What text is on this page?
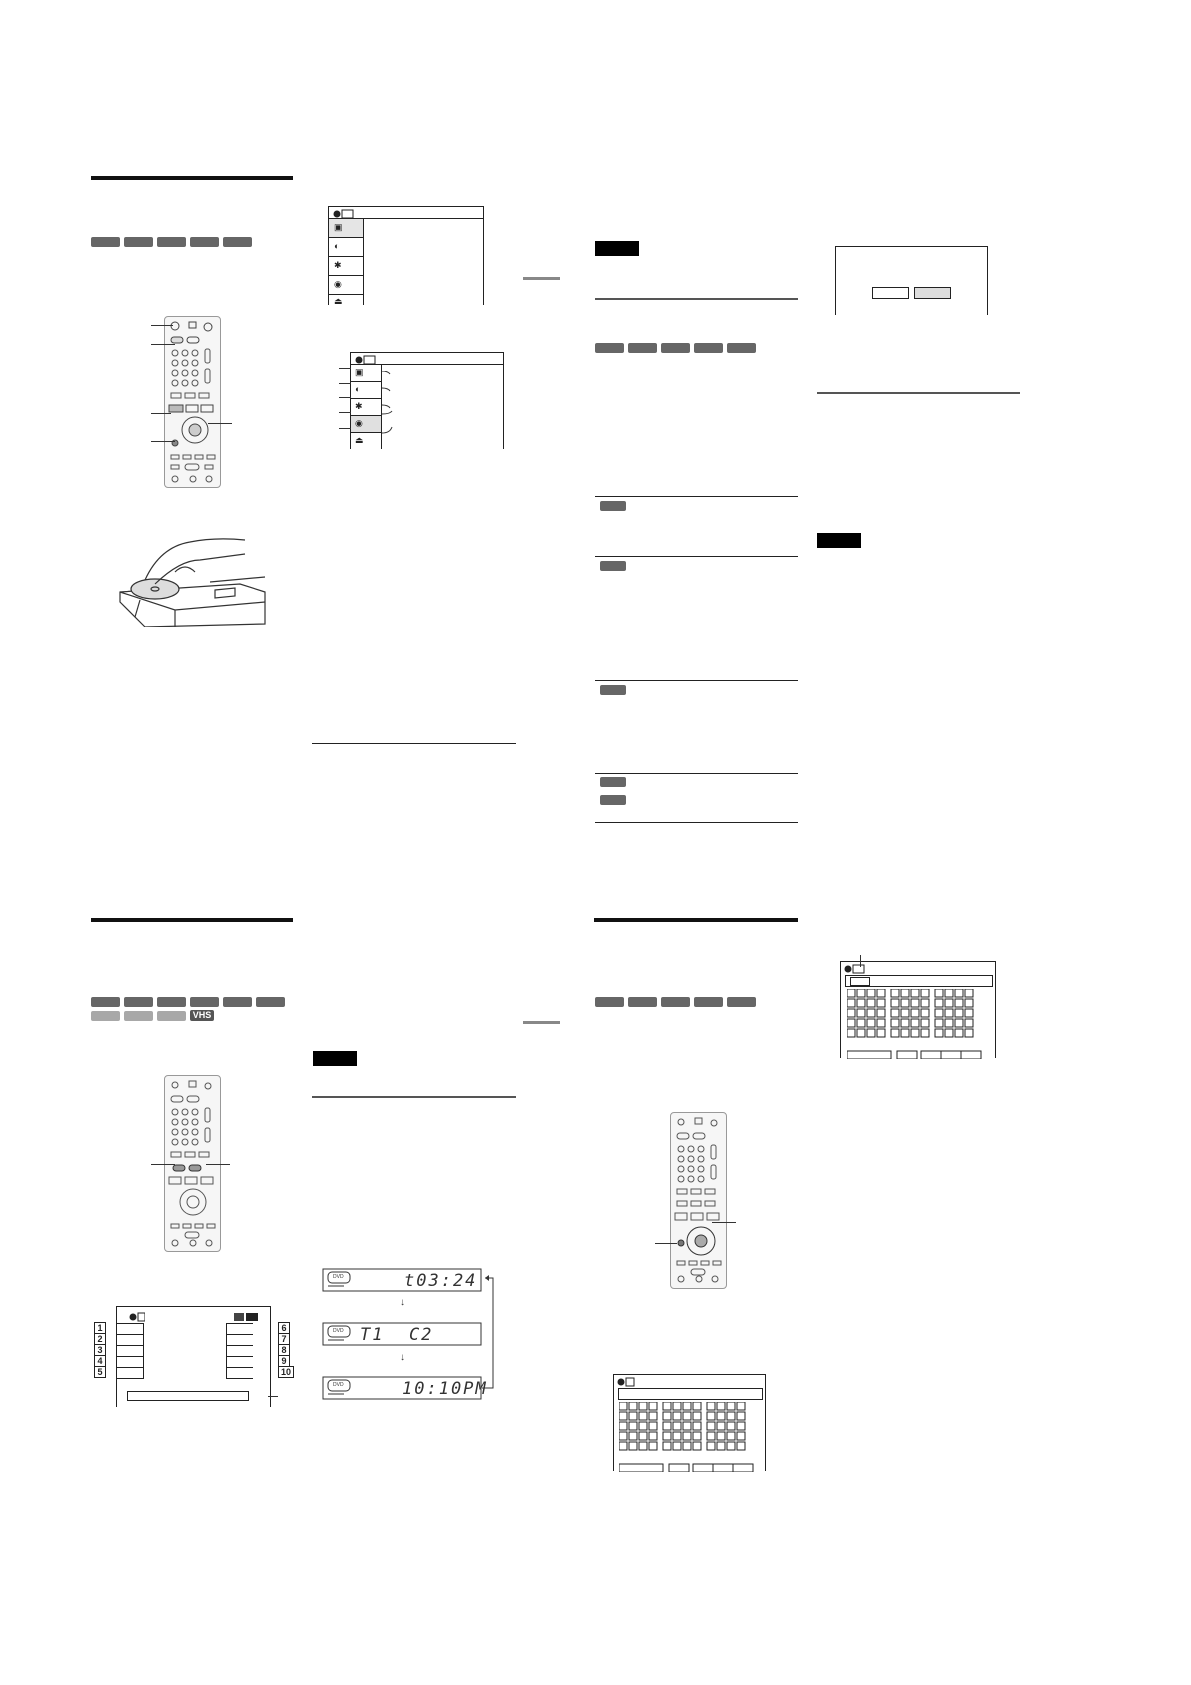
VHS
1
2
3
4
5
6
7
8
9
10
▣
◐
✱
◉
⏏
▣
◐
✱
◉
⏏
DVD	t03:24
↓
DVD T1  C2
↓
DVD	10:10PM
